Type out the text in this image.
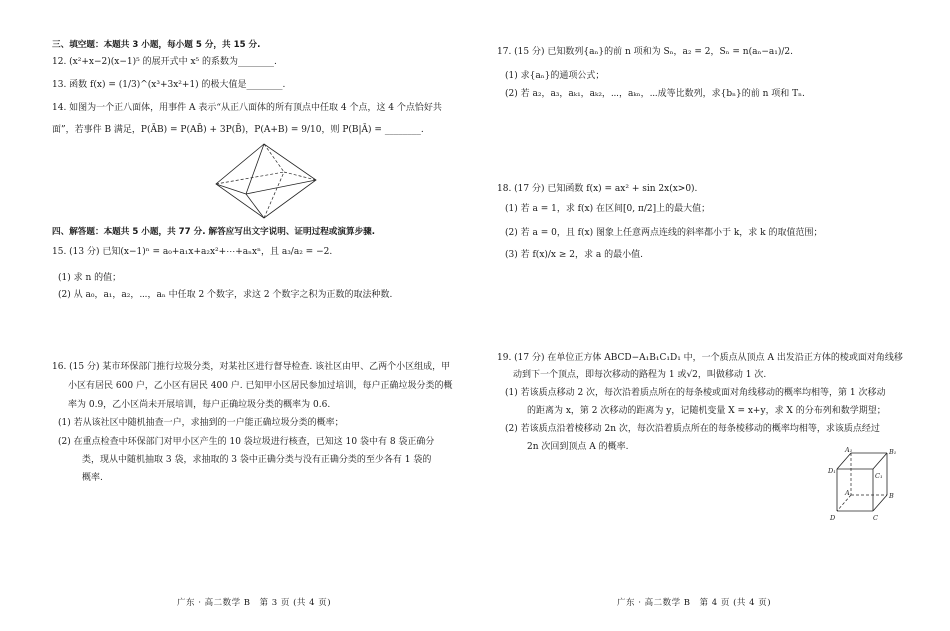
三、填空题：本题共 3 小题，每小题 5 分，共 15 分.
12. (x²+x−2)(x−1)⁵ 的展开式中 x⁵ 的系数为________.
13. 函数 f(x) = (1/3)^(x³+3x²+1) 的极大值是________.
14. 如图为一个正八面体，用事件 A 表示“从正八面体的所有顶点中任取 4 个点，这 4 个点恰好共
面”，若事件 B 满足，P(ĀB) = P(AB̄) + 3P(B̄)，P(A+B) = 9/10，则 P(B|Ā) = ________.
四、解答题：本题共 5 小题，共 77 分. 解答应写出文字说明、证明过程或演算步骤.
15. (13 分) 已知(x−1)ⁿ = a₀+a₁x+a₂x²+⋯+aₙxⁿ，且 a₃/a₂ = −2.
(1) 求 n 的值；
(2) 从 a₀，a₁，a₂，⋯，aₙ 中任取 2 个数字，求这 2 个数字之积为正数的取法种数.
16. (15 分) 某市环保部门推行垃圾分类，对某社区进行督导检查. 该社区由甲、乙两个小区组成，甲
小区有居民 600 户，乙小区有居民 400 户. 已知甲小区居民参加过培训，每户正确垃圾分类的概
率为 0.9，乙小区尚未开展培训，每户正确垃圾分类的概率为 0.6.
(1) 若从该社区中随机抽查一户，求抽到的一户能正确垃圾分类的概率；
(2) 在重点检查中环保部门对甲小区产生的 10 袋垃圾进行核查，已知这 10 袋中有 8 袋正确分
类，现从中随机抽取 3 袋，求抽取的 3 袋中正确分类与没有正确分类的至少各有 1 袋的
概率.
广东 · 高二数学 B　第 3 页 (共 4 页)
17. (15 分) 已知数列{aₙ}的前 n 项和为 Sₙ，a₂ = 2，Sₙ = n(aₙ−a₁)/2.
(1) 求{aₙ}的通项公式；
(2) 若 a₂，a₃，aₖ₁，aₖ₂，⋯，aₖₙ，⋯成等比数列，求{bₙ}的前 n 项和 Tₙ.
18. (17 分) 已知函数 f(x) = ax² + sin 2x(x>0).
(1) 若 a = 1，求 f(x) 在区间[0, π/2]上的最大值；
(2) 若 a = 0，且 f(x) 图象上任意两点连线的斜率都小于 k，求 k 的取值范围；
(3) 若 f(x)/x ≥ 2，求 a 的最小值.
19. (17 分) 在单位正方体 ABCD−A₁B₁C₁D₁ 中，一个质点从顶点 A 出发沿正方体的棱或面对角线移
动到下一个顶点，即每次移动的路程为 1 或√2，叫做移动 1 次.
(1) 若该质点移动 2 次，每次沿着质点所在的每条棱或面对角线移动的概率均相等，第 1 次移动
的距离为 x，第 2 次移动的距离为 y，记随机变量 X = x+y，求 X 的分布列和数学期望；
(2) 若该质点沿着棱移动 2n 次，每次沿着质点所在的每条棱移动的概率均相等，求该质点经过
2n 次回到顶点 A 的概率.	A₁	B₁
C₁
D₁
A	B
C
D
广东 · 高二数学 B　第 4 页 (共 4 页)
